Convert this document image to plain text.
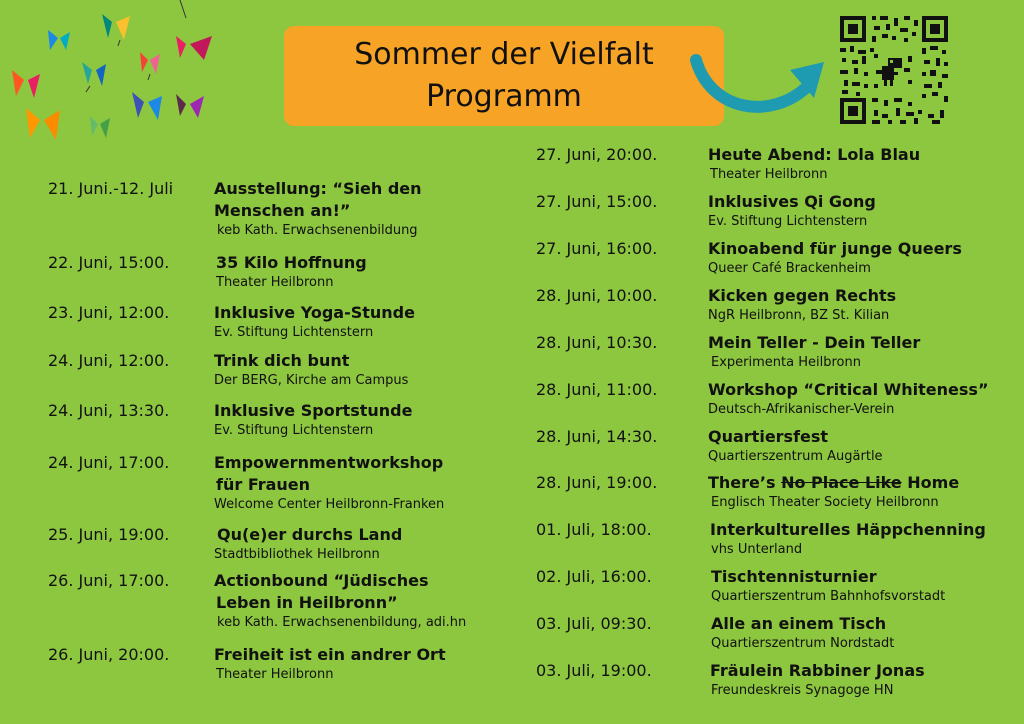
Sommer der Vielfalt
Programm
21. Juni.-12. Juli	Ausstellung: “Sieh den
Menschen an!”
keb Kath. Erwachsenenbildung
22. Juni, 15:00.	35 Kilo Hoffnung
Theater Heilbronn
23. Juni, 12:00.	Inklusive Yoga-Stunde
Ev. Stiftung Lichtenstern
24. Juni, 12:00.	Trink dich bunt
Der BERG, Kirche am Campus
24. Juni, 13:30.	Inklusive Sportstunde
Ev. Stiftung Lichtenstern
24. Juni, 17:00.	Empowernmentworkshop
für Frauen
Welcome Center Heilbronn-Franken
25. Juni, 19:00.	Qu(e)er durchs Land
Stadtbibliothek Heilbronn
26. Juni, 17:00.	Actionbound “Jüdisches
Leben in Heilbronn”
keb Kath. Erwachsenenbildung, adi.hn
26. Juni, 20:00.	Freiheit ist ein andrer Ort
Theater Heilbronn
27. Juni, 20:00.	Heute Abend: Lola Blau
Theater Heilbronn
27. Juni, 15:00.	Inklusives Qi Gong
Ev. Stiftung Lichtenstern
27. Juni, 16:00.	Kinoabend für junge Queers
Queer Café Brackenheim
28. Juni, 10:00.	Kicken gegen Rechts
NgR Heilbronn, BZ St. Kilian
28. Juni, 10:30.	Mein Teller - Dein Teller
Experimenta Heilbronn
28. Juni, 11:00.	Workshop “Critical Whiteness”
Deutsch-Afrikanischer-Verein
28. Juni, 14:30.	Quartiersfest
Quartierszentrum Augärtle
28. Juni, 19:00.	There’s No Place Like Home
Englisch Theater Society Heilbronn
01. Juli, 18:00.	Interkulturelles Häppchenning
vhs Unterland
02. Juli, 16:00.	Tischtennisturnier
Quartierszentrum Bahnhofsvorstadt
03. Juli, 09:30.	Alle an einem Tisch
Quartierszentrum Nordstadt
03. Juli, 19:00.	Fräulein Rabbiner Jonas
Freundeskreis Synagoge HN
